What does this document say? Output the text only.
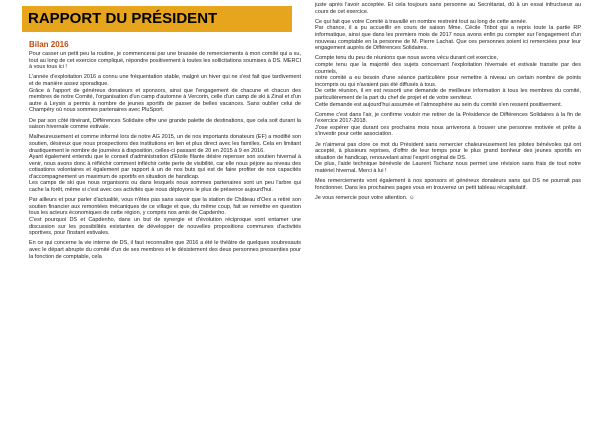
RAPPORT DU PRÉSIDENT
Bilan 2016

Pour casser un petit peu la routine, je commencerai par une brassée de remerciements à mon comité qui a su, tout au long de cet exercice compliqué, répondre positivement à toutes les sollicitations soumises à DS. MERCI à vous tous ici !

L'année d'exploitation 2016 a connu une fréquentation stable, malgré un hiver qui ne s'est fait que tardivement et de manière assez sporadique.
Grâce à l'apport de généreux donateurs et sponsors, ainsi que l'engagement de chacune et chacun des membres de notre Comité, l'organisation d'un camp d'automne à Vercorin, celle d'un camp de ski à Zinal et d'un autre à Leysin a permis à nombre de jeunes sportifs de passer de belles vacances. Sans oublier celui de Champéry où nous sommes partenaires avec PluSport.

De par son côté itinérant, Différences Solidaire offre une grande palette de destinations, que cela soit durant la saison hivernale comme estivale.

Malheureusement et comme informé lors de notre AG 2015, un de nos importants donateurs (EF) a modifié son soutien, désireux que nous prospections des institutions en lien et plus direct avec les familles. Cela en limitant drastiquement le nombre de journées à disposition, celles-ci passant de 20 en 2015 à 9 en 2016.
Ayant également entendu que le conseil d'administration d'Etoile filante désire repenser son soutien hivernal à venir, nous avons donc à réfléchir comment infléchir cette perte de visibilité, car elle nous péjore au niveau des cotisations volontaires et également par rapport à un de nos buts qui est de faire profiter de nos capacités d'accompagnement un maximum de sportifs en situation de handicap.
Les camps de ski que nous organisons ou dans lesquels nous sommes partenaires sont un peu l'arbre qui cache la forêt, même si c'est avec ces activités que nous déployons le plus de présence aujourd'hui.

Par ailleurs et pour parler d'actualité, vous n'êtes pas sans savoir que la station de Château d'Oex a retiré son soutien financier aux remontées mécaniques de ce village et que, du même coup, fait se remettre en question tous les acteurs économiques de cette région, y compris nos amis de Capdenho.
C'est pourquoi DS et Capdenho, dans un but de synergie et d'évolution réciproque vont entamer une discussion sur les possibilités existantes de développer de nouvelles propositions communes d'activités sportives, pour l'instant estivales.

En ce qui concerne la vie interne de DS, il faut reconnaître que 2016 a été le théâtre de quelques soubresauts avec le départ abrupte du comité d'un de ses membres et le désistement des deux personnes pressenties pour la fonction de comptable, cela

juste après l'avoir acceptée. Et cela toujours sans personne au Secrétariat, dû à un essai infructueux au cours de cet exercice.

Ce qui fait que votre Comité à travaillé en nombre restreint tout au long de cette année.
Par chance, il a pu accueillir en cours de saison Mme. Cécile Tribot qui a repris toute la partie RP informatique, ainsi que dans les premiers mois de 2017 nous avons enfin pu compter sur l'engagement d'un nouveau comptable en la personne de M. Pierre Lachat. Que ces personnes soient ici remerciées pour leur engagement auprès de Différences Solidaires.

Compte tenu du peu de réunions que nous avons vécu durant cet exercice,
compte tenu que la majorité des sujets concernant l'exploitation hivernale et estivale transite par des courriels,
notre comité a eu besoin d'une séance particulière pour remettre à niveau un certain nombre de points incompris ou qui n'avaient pas été diffusés à tous.
De cette réunion, il en est ressorti une demande de meilleure information à tous les membres du comité, particulièrement de la part du chef de projet et de votre serviteur.
Cette demande est aujourd'hui assumée et l'atmosphère au sein du comité s'en ressent positivement.

Comme c'est dans l'air, je confirme vouloir me retirer de la Présidence de Différences Solidaires à la fin de l'exercice 2017-2018.
J'ose espérer que durant ces prochains mois nous arriverons à trouver une personne motivée et prête à s'investir pour cette association.

Je n'aimerai pas clore ce mot du Président sans remercier chaleureusement les pilotes bénévoles qui ont accepté, à plusieurs reprises, d'offrir de leur temps pour le plus grand bonheur des jeunes sportifs en situation de handicap, renouvelant ainsi l'esprit original de DS.
De plus, l'aide technique bénévole de Laurent Tschanz nous permet une révision sans frais de tout notre matériel hivernal. Merci à lui !

Mes remerciements vont également à nos sponsors et généreux donateurs sans qui DS ne pourrait pas fonctionner. Dans les prochaines pages vous en trouverez un petit tableau récapitulatif.

Je vous remercie pour votre attention. ☺
